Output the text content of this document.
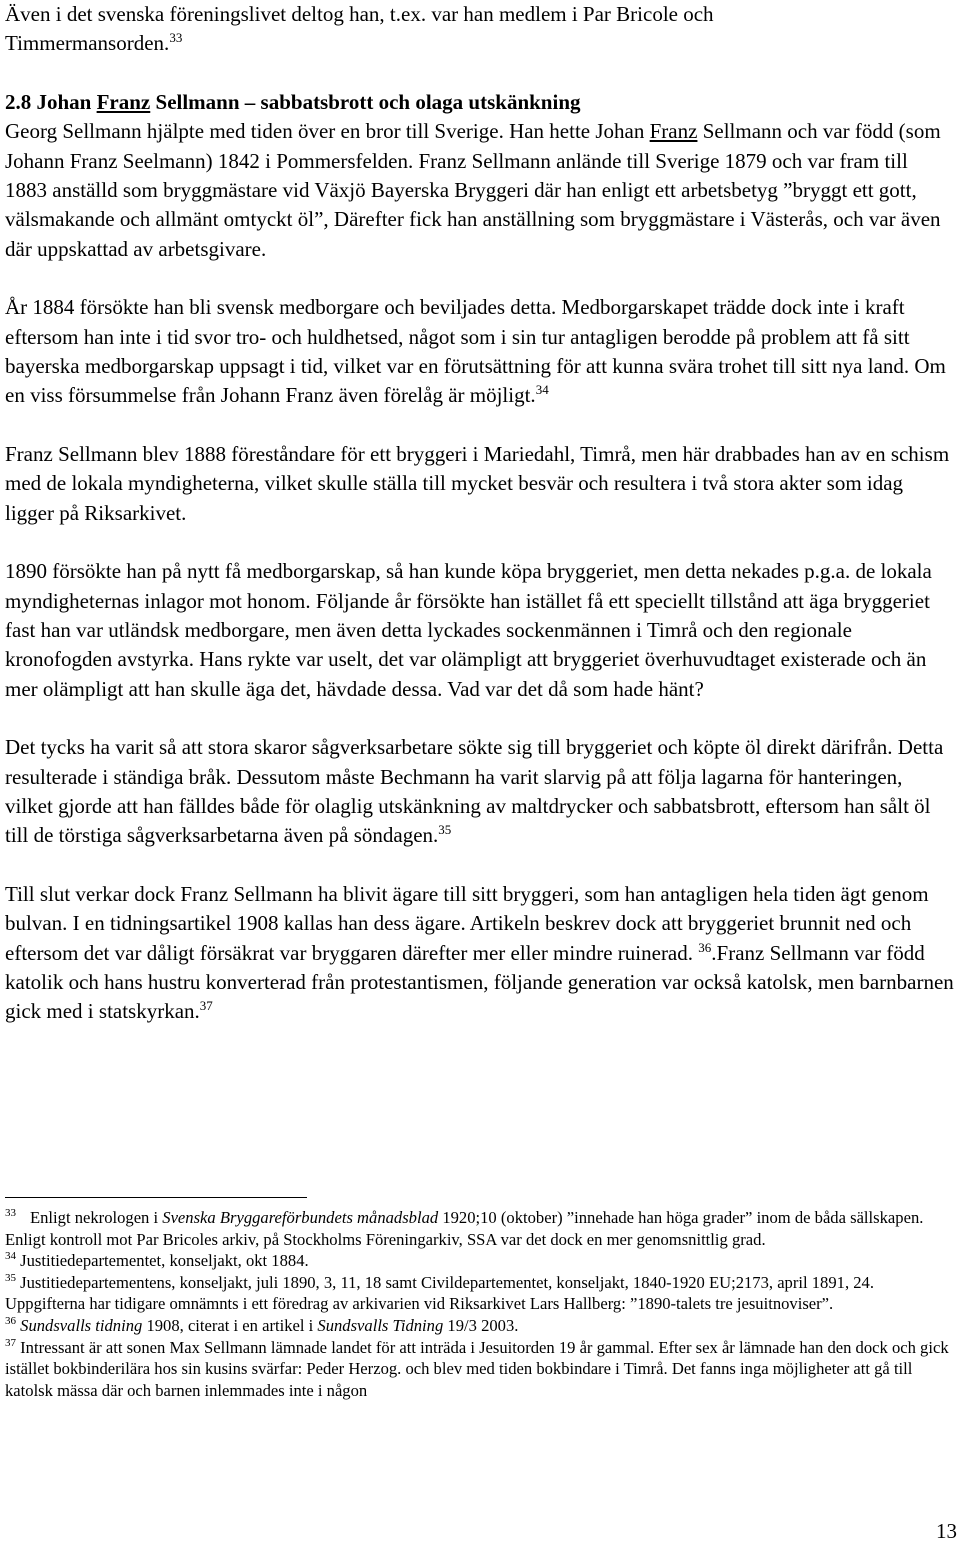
Även i det svenska föreningslivet deltog han, t.ex. var han medlem i Par Bricole och
Timmermansorden.$^{33}$

2.8 Johan Franz Sellmann – sabbatsbrott och olaga utskänkning

Georg Sellmann hjälpte med tiden över en bror till Sverige. Han hette Johan Franz Sellmann och var född (som Johann Franz Seelmann) 1842 i Pommersfelden. Franz Sellmann anlände till Sverige 1879 och var fram till 1883 anställd som bryggmästare vid Växjö Bayerska Bryggeri där han enligt ett arbetsbetyg ”bryggt ett gott, välsmakande och allmänt omtyckt öl”, Därefter fick han anställning som bryggmästare i Västerås, och var även där uppskattad av arbetsgivare.

År 1884 försökte han bli svensk medborgare och beviljades detta. Medborgarskapet trädde dock inte i kraft eftersom han inte i tid svor tro- och huldhetsed, något som i sin tur antagligen berodde på problem att få sitt bayerska medborgarskap uppsagt i tid, vilket var en förutsättning för att kunna svära trohet till sitt nya land. Om en viss försummelse från Johann Franz även förelåg är möjligt.$^{34}$

Franz Sellmann blev 1888 föreståndare för ett bryggeri i Mariedahl, Timrå, men här drabbades han av en schism med de lokala myndigheterna, vilket skulle ställa till mycket besvär och resultera i två stora akter som idag ligger på Riksarkivet.

1890 försökte han på nytt få medborgarskap, så han kunde köpa bryggeriet, men detta nekades p.g.a. de lokala myndigheternas inlagor mot honom. Följande år försökte han istället få ett speciellt tillstånd att äga bryggeriet fast han var utländsk medborgare, men även detta lyckades sockenmännen i Timrå och den regionale kronofogden avstyrka. Hans rykte var uselt, det var olämpligt att bryggeriet överhuvudtaget existerade och än mer olämpligt att han skulle äga det, hävdade dessa. Vad var det då som hade hänt?

Det tycks ha varit så att stora skaror sågverksarbetare sökte sig till bryggeriet och köpte öl direkt därifrån. Detta resulterade i ständiga bråk. Dessutom måste Bechmann ha varit slarvig på att följa lagarna för hanteringen, vilket gjorde att han fälldes både för olaglig utskänkning av maltdrycker och sabbatsbrott, eftersom han sålt öl till de törstiga sågverksarbetarna även på söndagen.$^{35}$

Till slut verkar dock Franz Sellmann ha blivit ägare till sitt bryggeri, som han antagligen hela tiden ägt genom bulvan. I en tidningsartikel 1908 kallas han dess ägare. Artikeln beskrev dock att bryggeriet brunnit ned och eftersom det var dåligt försäkrat var bryggaren därefter mer eller mindre ruinerad. $^{36}$.Franz Sellmann var född katolik och hans hustru konverterad från protestantismen, följande generation var också katolsk, men barnbarnen gick med i statskyrkan.$^{37}$

$^{33}$ Enligt nekrologen i Svenska Bryggareförbundets månadsblad 1920;10 (oktober) ”innehade han höga grader” inom de båda sällskapen. Enligt kontroll mot Par Bricoles arkiv, på Stockholms Föreningarkiv, SSA var det dock en mer genomsnittlig grad.

$^{34}$ Justitiedepartementet, konseljakt, okt 1884.

$^{35}$ Justitiedepartementens, konseljakt, juli 1890, 3, 11, 18 samt Civildepartementet, konseljakt, 1840-1920 EU;2173, april 1891, 24. Uppgifterna har tidigare omnämnts i ett föredrag av arkivarien vid Riksarkivet Lars Hallberg: ”1890-talets tre jesuitnoviser”.

$^{36}$ Sundsvalls tidning 1908, citerat i en artikel i Sundsvalls Tidning 19/3 2003.

$^{37}$ Intressant är att sonen Max Sellmann lämnade landet för att inträda i Jesuitorden 19 år gammal. Efter sex år lämnade han den dock och gick istället bokbinderilära hos sin kusins svärfar: Peder Herzog. och blev med tiden bokbindare i Timrå. Det fanns inga möjligheter att gå till katolsk mässa där och barnen inlemmades inte i någon

13
